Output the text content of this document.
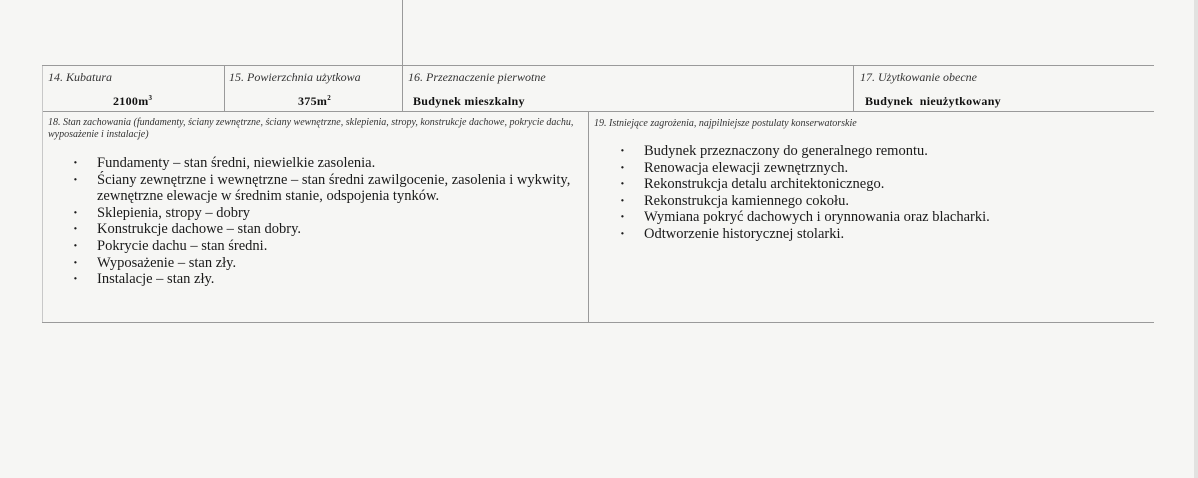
14. Kubatura	15. Powierzchnia użytkowa	16. Przeznaczenie pierwotne	17. Użytkowanie obecne
$2100m^3$	$375m^2$	Budynek mieszkalny	Budynek  nieużytkowany
18. Stan zachowania (fundamenty, ściany zewnętrzne, ściany wewnętrzne, sklepienia, stropy, konstrukcje dachowe, pokrycie dachu, wyposażenie i instalacje)
· Fundamenty – stan średni, niewielkie zasolenia.
· Ściany zewnętrzne i wewnętrzne – stan średni zawilgocenie, zasolenia i wykwity, zewnętrzne elewacje w średnim stanie, odspojenia tynków.
· Sklepienia, stropy – dobry
· Konstrukcje dachowe – stan dobry.
· Pokrycie dachu – stan średni.
· Wyposażenie – stan zły.
· Instalacje – stan zły.
19. Istniejące zagrożenia, najpilniejsze postulaty konserwatorskie
· Budynek przeznaczony do generalnego remontu.
· Renowacja elewacji zewnętrznych.
· Rekonstrukcja detalu architektonicznego.
· Rekonstrukcja kamiennego cokołu.
· Wymiana pokryć dachowych i orynnowania oraz blacharki.
· Odtworzenie historycznej stolarki.
